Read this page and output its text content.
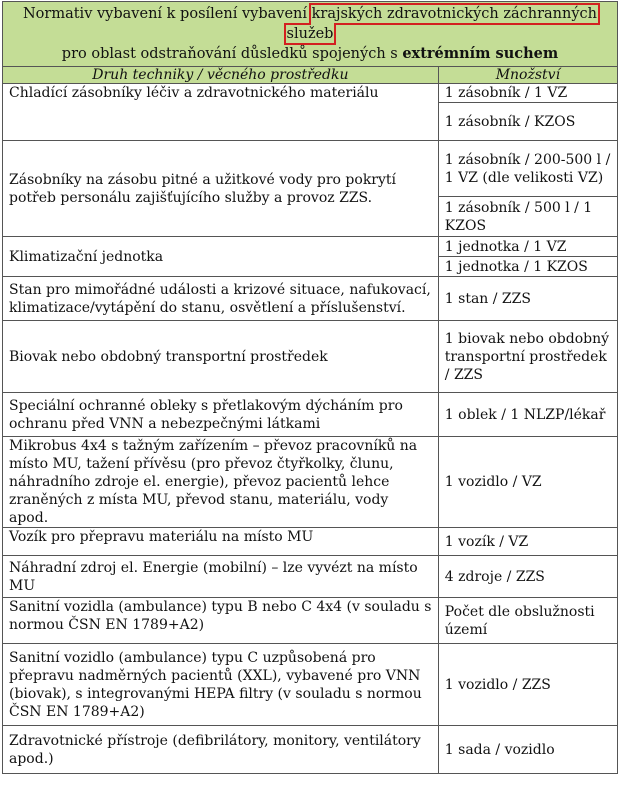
Normativ vybavení k posílení vybavení krajských zdravotnických záchranných služeb
pro oblast odstraňování důsledků spojených s extrémním suchem	
Druh techniky / věcného prostředku	Množství
Chladící zásobníky léčiv a zdravotnického materiálu	1 zásobník / 1 VZ
	1 zásobník / KZOS
Zásobníky na zásobu pitné a užitkové vody pro pokrytí potřeb personálu zajišťujícího služby a provoz ZZS.	1 zásobník / 200-500 l / 1 VZ (dle velikosti VZ)
	1 zásobník / 500 l / 1 KZOS
Klimatizační jednotka	1 jednotka / 1 VZ
	1 jednotka / 1 KZOS
Stan pro mimořádné události a krizové situace, nafukovací, klimatizace/vytápění do stanu, osvětlení a příslušenství.	1 stan / ZZS
Biovak nebo obdobný transportní prostředek	1 biovak nebo obdobný transportní prostředek / ZZS
Speciální ochranné obleky s přetlakovým dýcháním pro ochranu před VNN a nebezpečnými látkami	1 oblek / 1 NLZP/lékař
Mikrobus 4x4 s tažným zařízením – převoz pracovníků na místo MU, tažení přívěsu (pro převoz čtyřkolky, člunu, náhradního zdroje el. energie), převoz pacientů lehce zraněných z místa MU, převod stanu, materiálu, vody apod.	1 vozidlo / VZ
Vozík pro přepravu materiálu na místo MU	1 vozík / VZ
Náhradní zdroj el. Energie (mobilní) – lze vyvézt na místo MU	4 zdroje / ZZS
Sanitní vozidla (ambulance) typu B nebo C 4x4 (v souladu s normou ČSN EN 1789+A2)	Počet dle obslužnosti území
Sanitní vozidlo (ambulance) typu C uzpůsobená pro přepravu nadměrných pacientů (XXL), vybavené pro VNN (biovak), s integrovanými HEPA filtry (v souladu s normou ČSN EN 1789+A2)	1 vozidlo / ZZS
Zdravotnické přístroje (defibrilátory, monitory, ventilátory apod.)	1 sada / vozidlo
